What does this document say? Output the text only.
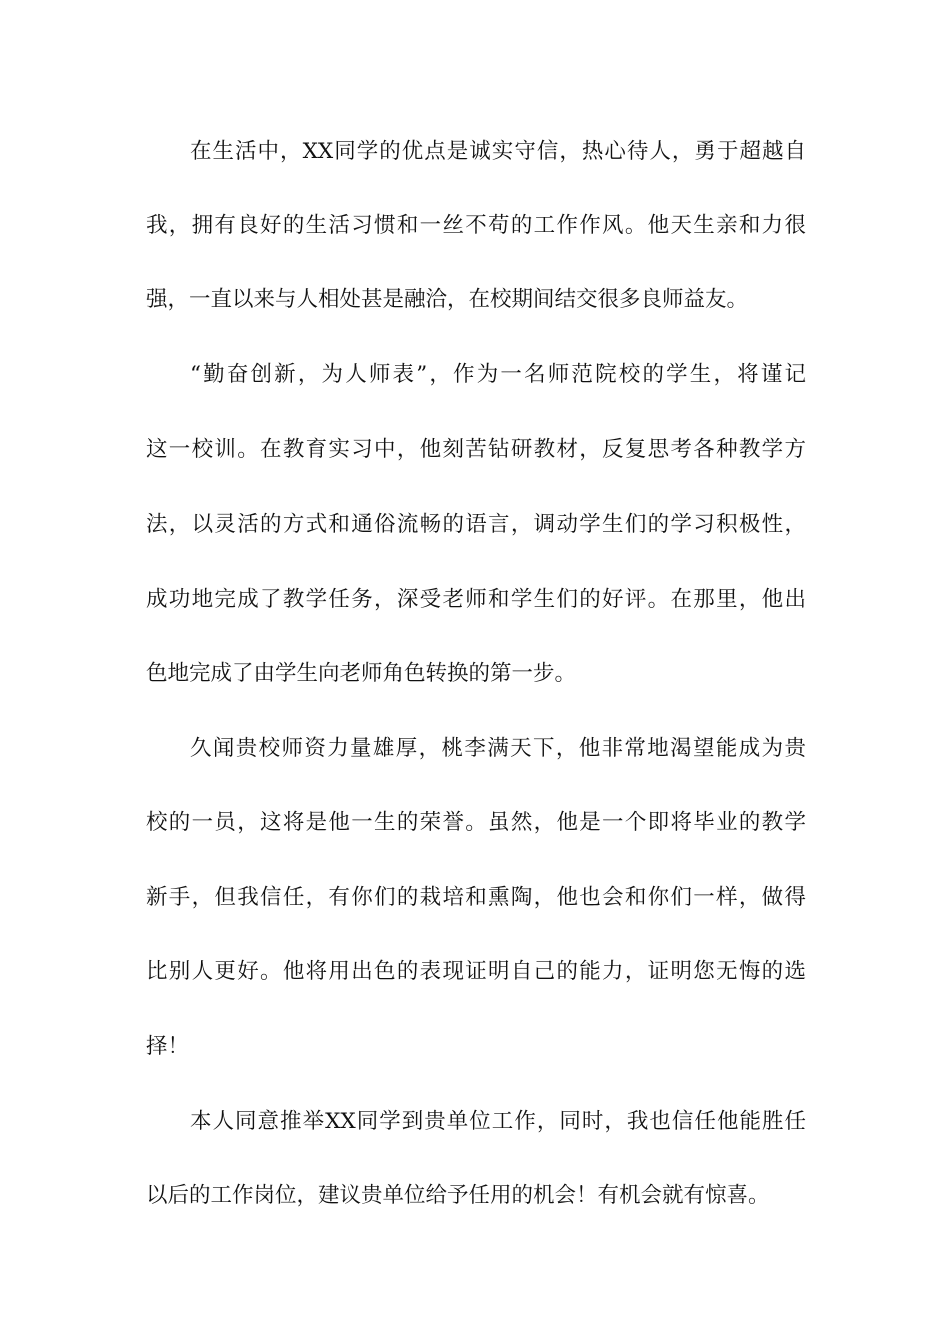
在生活中，XX同学的优点是诚实守信，热心待人，勇于超越自
我，拥有良好的生活习惯和一丝不苟的工作作风。他天生亲和力很
强，一直以来与人相处甚是融洽，在校期间结交很多良师益友。
“勤奋创新，为人师表”，作为一名师范院校的学生，将谨记
这一校训。在教育实习中，他刻苦钻研教材，反复思考各种教学方
法，以灵活的方式和通俗流畅的语言，调动学生们的学习积极性，
成功地完成了教学任务，深受老师和学生们的好评。在那里，他出
色地完成了由学生向老师角色转换的第一步。
久闻贵校师资力量雄厚，桃李满天下，他非常地渴望能成为贵
校的一员，这将是他一生的荣誉。虽然，他是一个即将毕业的教学
新手，但我信任，有你们的栽培和熏陶，他也会和你们一样，做得
比别人更好。他将用出色的表现证明自己的能力，证明您无悔的选
择！
本人同意推举XX同学到贵单位工作，同时，我也信任他能胜任
以后的工作岗位，建议贵单位给予任用的机会！有机会就有惊喜。
